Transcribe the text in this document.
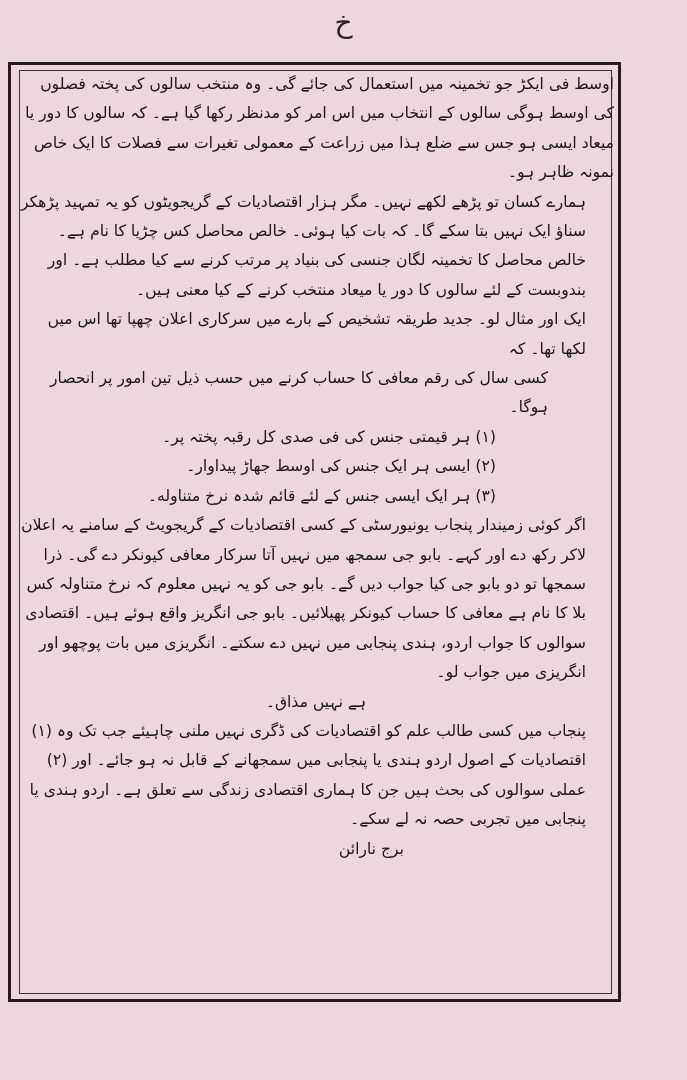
خ

اوسط فی ایکڑ جو تخمینہ میں استعمال کی جائے گی۔ وہ منتخب سالوں کی پختہ فصلوں کی اوسط ہوگی سالوں کے انتخاب میں اس امر کو مدنظر رکھا گیا ہے۔ کہ سالوں کا دور یا میعاد ایسی ہو جس سے ضلع ہذا میں زراعت کے معمولی تغیرات سے فصلات کا ایک خاص نمونہ ظاہر ہو۔

ہمارے کسان تو پڑھے لکھے نہیں۔ مگر ہزار اقتصادیات کے گریجویٹوں کو یہ تمہید پڑھکر سناؤ ایک نہیں بتا سکے گا۔ کہ بات کیا ہوئی۔ خالص محاصل کس چڑیا کا نام ہے۔ خالص محاصل کا تخمینہ لگان جنسی کی بنیاد پر مرتب کرنے سے کیا مطلب ہے۔ اور بندوبست کے لئے سالوں کا دور یا میعاد منتخب کرنے کے کیا معنی ہیں۔

ایک اور مثال لو۔ جدید طریقہ تشخیص کے بارے میں سرکاری اعلان چھپا تھا اس میں لکھا تھا۔ کہ

کسی سال کی رقم معافی کا حساب کرنے میں حسب ذیل تین امور پر انحصار ہوگا۔

(۱) ہر قیمتی جنس کی فی صدی کل رقبہ پختہ پر۔

(۲) ایسی ہر ایک جنس کی اوسط جھاڑ پیداوار۔

(۳) ہر ایک ایسی جنس کے لئے قائم شدہ نرخ متناوله۔

اگر کوئی زمیندار پنجاب یونیورسٹی کے کسی اقتصادیات کے گریجویٹ کے سامنے یہ اعلان لاکر رکھ دے اور کہے۔ بابو جی سمجھ میں نہیں آتا سرکار معافی کیونکر دے گی۔ ذرا سمجھا تو دو بابو جی کیا جواب دیں گے۔ بابو جی کو یہ نہیں معلوم کہ نرخ متناولہ کس بلا کا نام ہے معافی کا حساب کیونکر پھیلائیں۔ بابو جی انگریز واقع ہوئے ہیں۔ اقتصادی سوالوں کا جواب اردو، ہندی پنجابی میں نہیں دے سکتے۔ انگریزی میں بات پوچھو اور انگریزی میں جواب لو۔

ہے نہیں مذاق۔

پنجاب میں کسی طالب علم کو اقتصادیات کی ڈگری نہیں ملنی چاہیئے جب تک وہ (۱) اقتصادیات کے اصول اردو ہندی یا پنجابی میں سمجھانے کے قابل نہ ہو جائے۔ اور (۲) عملی سوالوں کی بحث ہیں جن کا ہماری اقتصادی زندگی سے تعلق ہے۔ اردو ہندی یا پنجابی میں تجربی حصہ نہ لے سکے۔

برج نارائن
